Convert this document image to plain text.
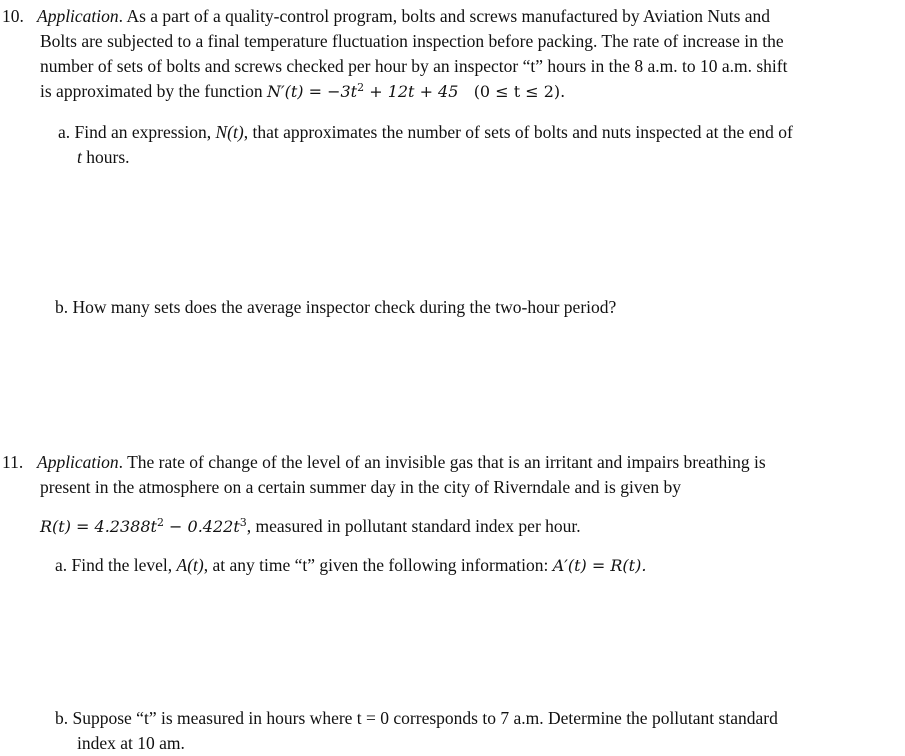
10. Application. As a part of a quality-control program, bolts and screws manufactured by Aviation Nuts and
Bolts are subjected to a final temperature fluctuation inspection before packing. The rate of increase in the
number of sets of bolts and screws checked per hour by an inspector “t” hours in the 8 a.m. to 10 a.m. shift
is approximated by the function $N'(t) = -3t^2 + 12t + 45$ (0 ≤ t ≤ 2).
a. Find an expression, N(t), that approximates the number of sets of bolts and nuts inspected at the end of
t hours.
b. How many sets does the average inspector check during the two-hour period?
11. Application. The rate of change of the level of an invisible gas that is an irritant and impairs breathing is
present in the atmosphere on a certain summer day in the city of Riverndale and is given by
$R(t) = 4.2388t^2 - 0.422t^3$, measured in pollutant standard index per hour.
a. Find the level, A(t), at any time “t” given the following information: A′(t) = R(t).
b. Suppose “t” is measured in hours where t = 0 corresponds to 7 a.m. Determine the pollutant standard
index at 10 am.
